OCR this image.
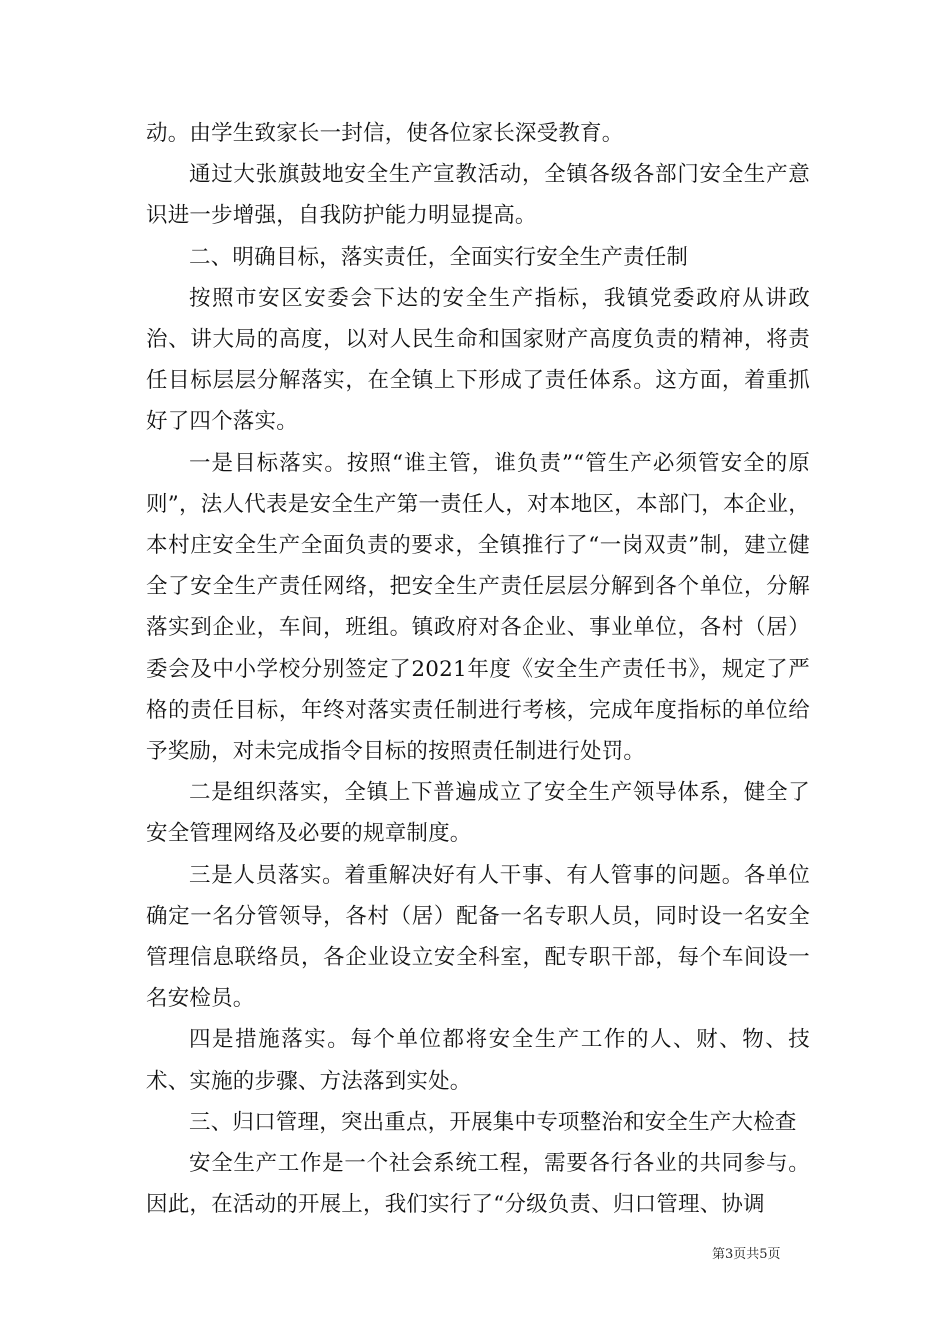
动。由学生致家长一封信，使各位家长深受教育。

通过大张旗鼓地安全生产宣教活动，全镇各级各部门安全生产意识进一步增强，自我防护能力明显提高。

二、明确目标，落实责任，全面实行安全生产责任制

按照市安区安委会下达的安全生产指标，我镇党委政府从讲政治、讲大局的高度，以对人民生命和国家财产高度负责的精神，将责任目标层层分解落实，在全镇上下形成了责任体系。这方面，着重抓好了四个落实。

一是目标落实。按照“谁主管，谁负责”“管生产必须管安全的原则”，法人代表是安全生产第一责任人，对本地区，本部门，本企业，本村庄安全生产全面负责的要求，全镇推行了“一岗双责”制，建立健全了安全生产责任网络，把安全生产责任层层分解到各个单位，分解落实到企业，车间，班组。镇政府对各企业、事业单位，各村（居）委会及中小学校分别签定了2021年度《安全生产责任书》，规定了严格的责任目标，年终对落实责任制进行考核，完成年度指标的单位给予奖励，对未完成指令目标的按照责任制进行处罚。

二是组织落实，全镇上下普遍成立了安全生产领导体系，健全了安全管理网络及必要的规章制度。

三是人员落实。着重解决好有人干事、有人管事的问题。各单位确定一名分管领导，各村（居）配备一名专职人员，同时设一名安全管理信息联络员，各企业设立安全科室，配专职干部，每个车间设一名安检员。

四是措施落实。每个单位都将安全生产工作的人、财、物、技术、实施的步骤、方法落到实处。

三、归口管理，突出重点，开展集中专项整治和安全生产大检查

安全生产工作是一个社会系统工程，需要各行各业的共同参与。因此，在活动的开展上，我们实行了“分级负责、归口管理、协调

第3页共5页
